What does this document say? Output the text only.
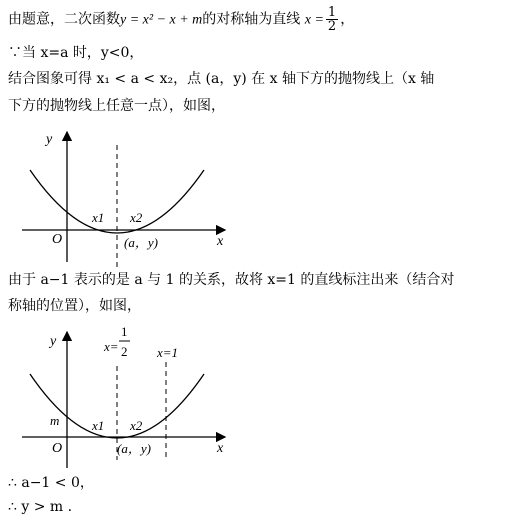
由题意，二次函数y = x² − x + m的对称轴为直线 $x = \frac{1}{2}$ ，
∵当 x=a 时，y<0，
结合图象可得 x₁ < a < x₂，点 (a，y) 在 x 轴下方的抛物线上（x 轴
下方的抛物线上任意一点），如图，
y
x
O
x1 x2
(a，y)
由于 a−1 表示的是 a 与 1 的关系，故将 x=1 的直线标注出来（结合对
称轴的位置），如图，
y
x
O
m	x1 x2
(a，y)
x=
1
2 x=1
∴ a−1 < 0，
∴ y > m .
